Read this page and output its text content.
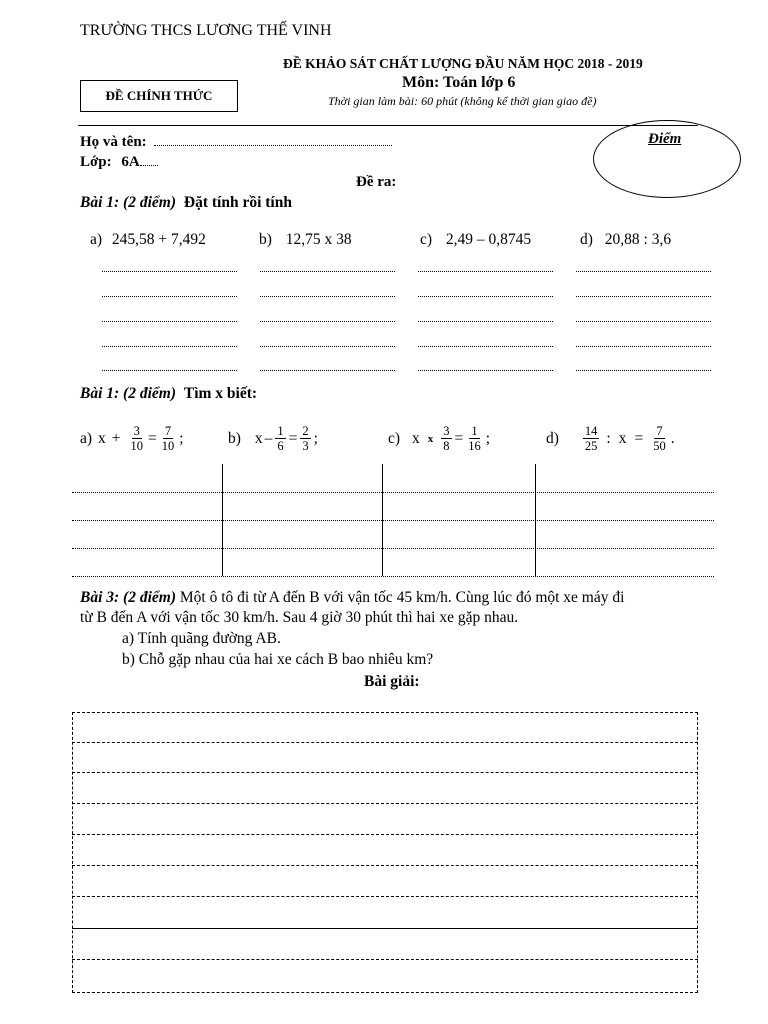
TRƯỜNG THCS LƯƠNG THẾ VINH
ĐỀ KHẢO SÁT CHẤT LƯỢNG ĐẦU NĂM HỌC 2018 - 2019
Môn: Toán lớp 6
Thời gian làm bài: 60 phút (không kể thời gian giao đề)
ĐỀ CHÍNH THỨC
Điểm
Họ và tên:
Lớp: 6A
Đề ra:
Bài 1: (2 điểm) Đặt tính rồi tính
a) 245,58 + 7,492	b) 12,75 x 38	c) 2,49 – 0,8745	d) 20,88 : 3,6
Bài 1: (2 điểm) Tìm x biết:
a) $x + \frac{3}{10} = \frac{7}{10}$ ;	b) $x - \frac{1}{6} = \frac{2}{3}$ ;	c) x x $\frac{3}{8} = \frac{1}{16}$ ;	$d) \frac{14}{25}$ : $x = \frac{7}{50}$ .
Bài 3: (2 điểm) Một ô tô đi từ A đến B với vận tốc 45 km/h. Cùng lúc đó một xe máy đi
từ B đến A với vận tốc 30 km/h. Sau 4 giờ 30 phút thì hai xe gặp nhau.
a) Tính quãng đường AB.
b) Chỗ gặp nhau của hai xe cách B bao nhiêu km?
Bài giải:
